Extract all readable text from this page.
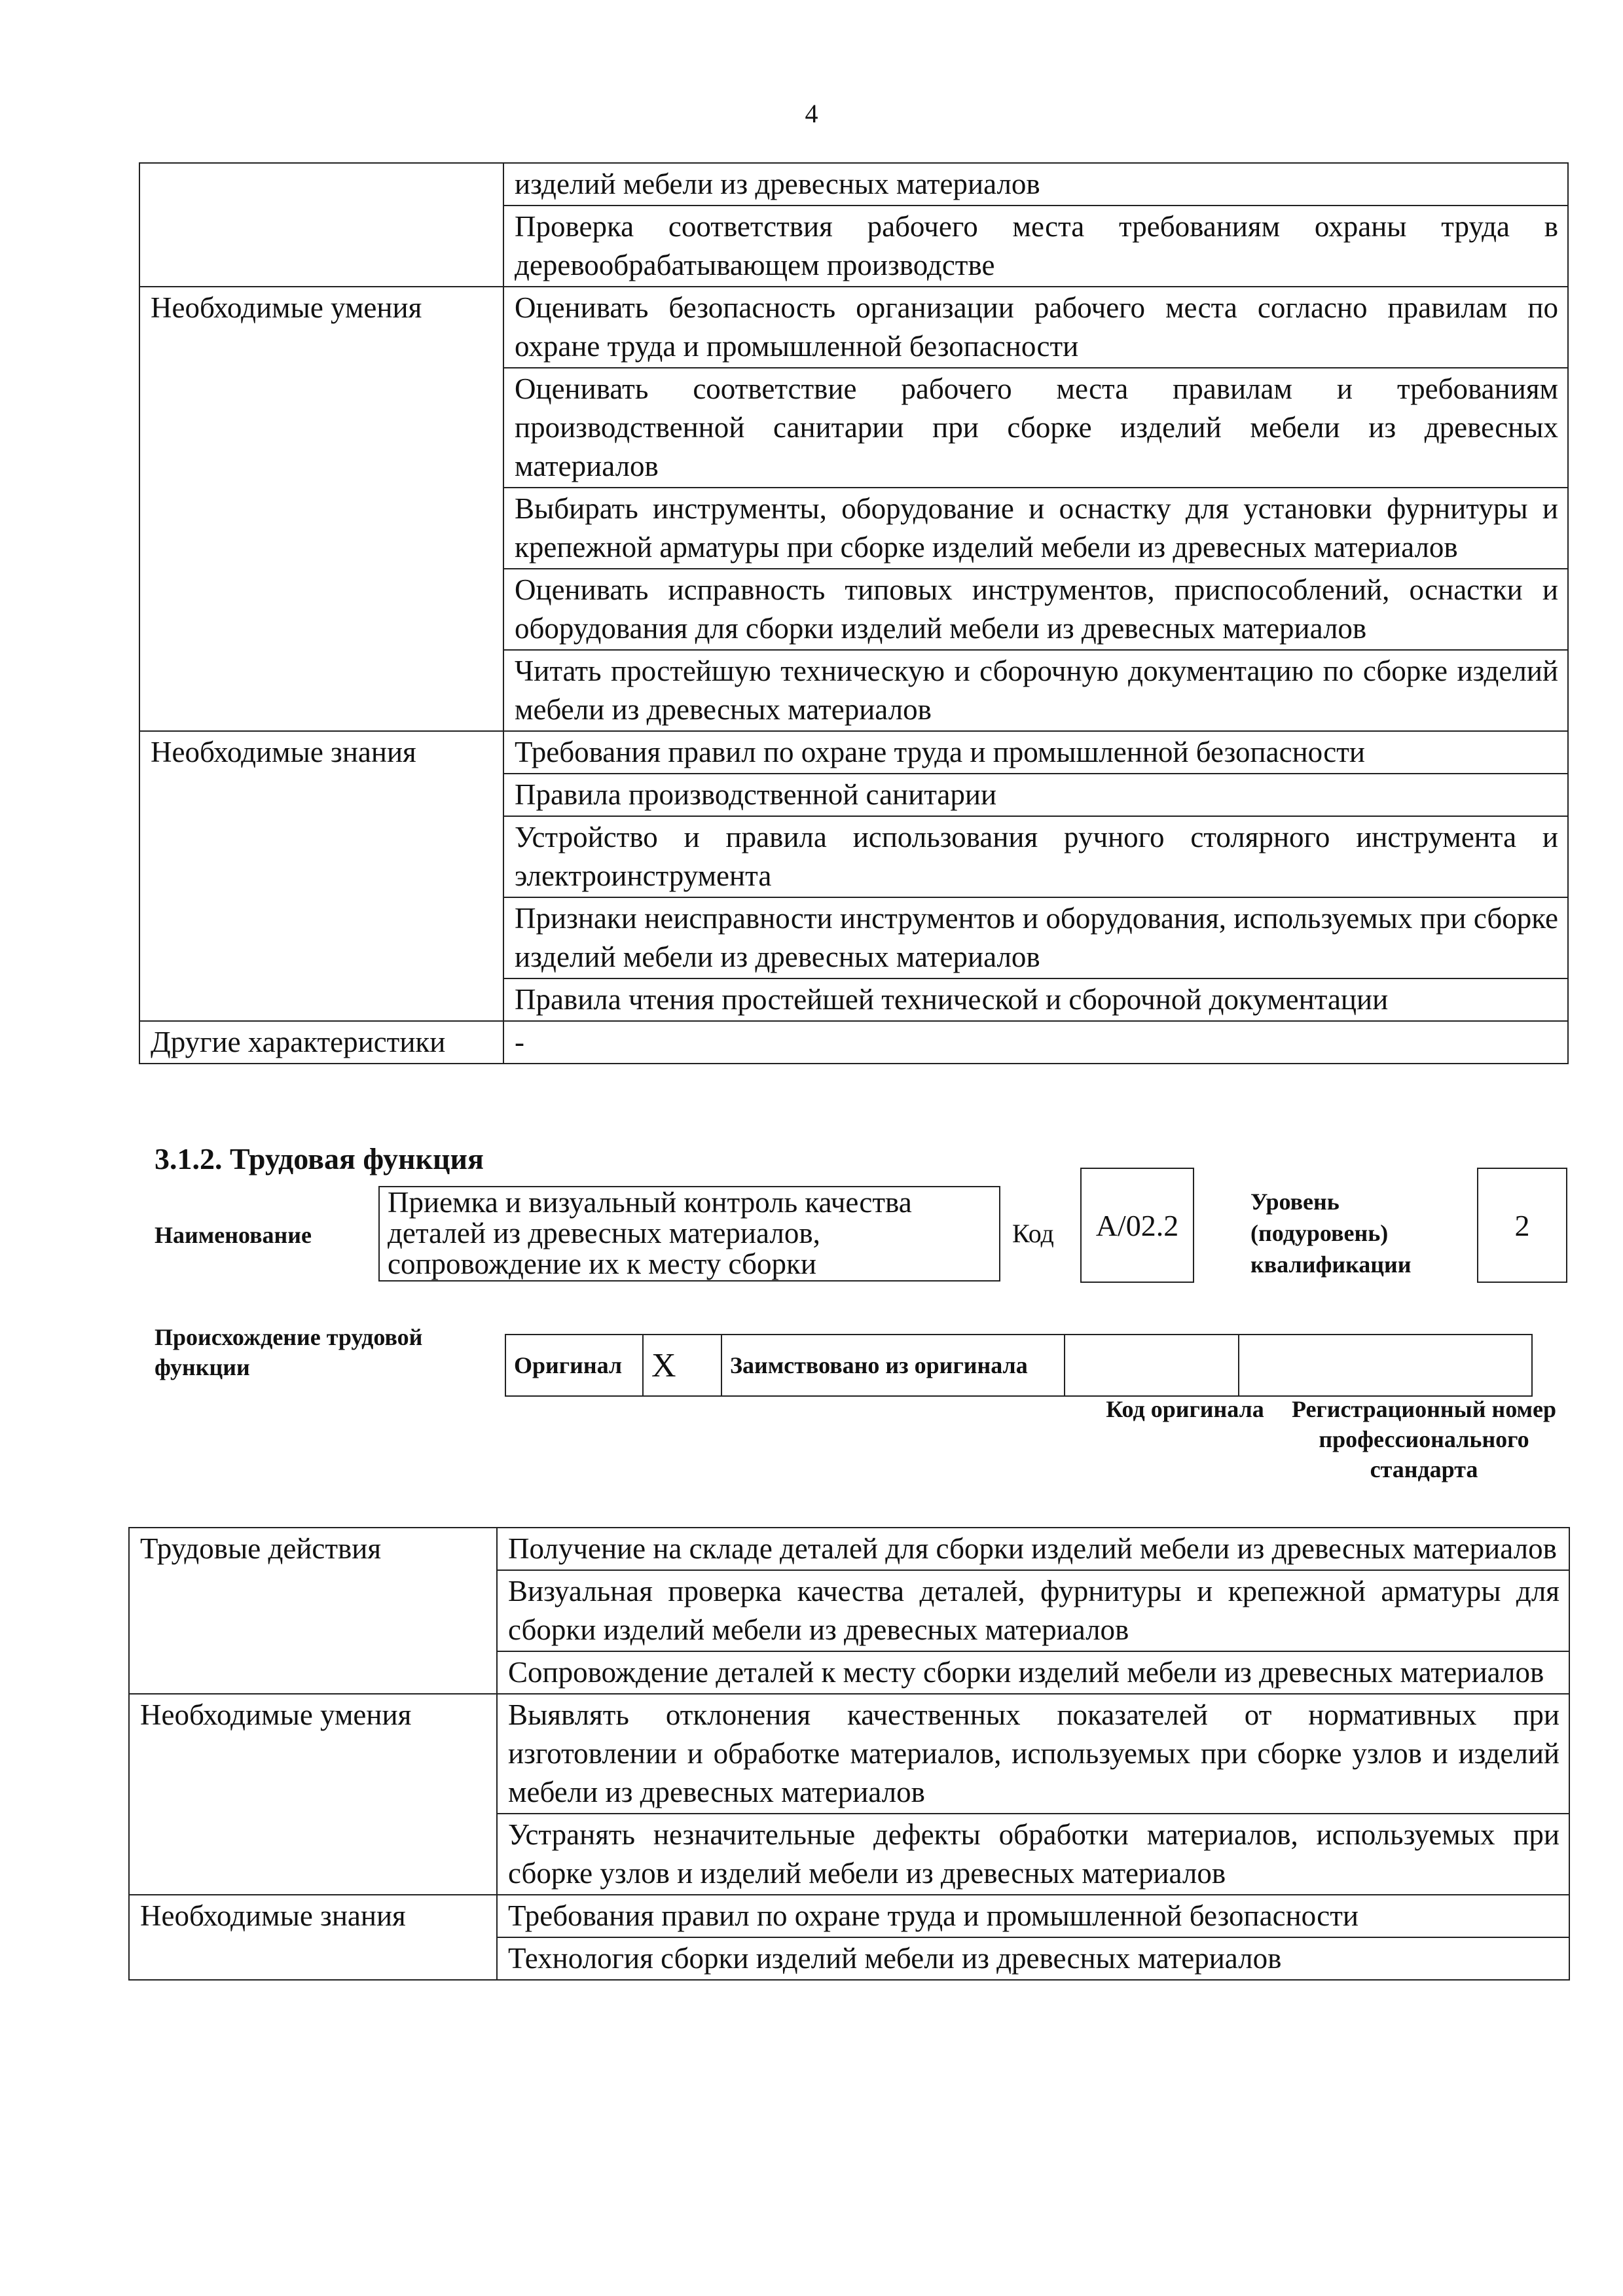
4
	изделий мебели из древесных материалов
	Проверка соответствия рабочего места требованиям охраны труда в деревообрабатывающем производстве
Необходимые умения	Оценивать безопасность организации рабочего места согласно правилам по охране труда и промышленной безопасности
	Оценивать соответствие рабочего места правилам и требованиям производственной санитарии при сборке изделий мебели из древесных материалов
	Выбирать инструменты, оборудование и оснастку для установки фурнитуры и крепежной арматуры при сборке изделий мебели из древесных материалов
	Оценивать исправность типовых инструментов, приспособлений, оснастки и оборудования для сборки изделий мебели из древесных материалов
	Читать простейшую техническую и сборочную документацию по сборке изделий мебели из древесных материалов
Необходимые знания	Требования правил по охране труда и промышленной безопасности
	Правила производственной санитарии
	Устройство и правила использования ручного столярного инструмента и электроинструмента
	Признаки неисправности инструментов и оборудования, используемых при сборке изделий мебели из древесных материалов
	Правила чтения простейшей технической и сборочной документации
Другие характеристики	-
3.1.2. Трудовая функция
Наименование
Приемка и визуальный контроль качества деталей из древесных материалов, сопровождение их к месту сборки
Код	A/02.2
Уровень (подуровень) квалификации
2
Происхождение трудовой функции	Оригинал	X	Заимствовано из оригинала		
Код оригинала	Регистрационный номер профессионального стандарта
Трудовые действия	Получение на складе деталей для сборки изделий мебели из древесных материалов
	Визуальная проверка качества деталей, фурнитуры и крепежной арматуры для сборки изделий мебели из древесных материалов
	Сопровождение деталей к месту сборки изделий мебели из древесных материалов
Необходимые умения	Выявлять отклонения качественных показателей от нормативных при изготовлении и обработке материалов, используемых при сборке узлов и изделий мебели из древесных материалов
	Устранять незначительные дефекты обработки материалов, используемых при сборке узлов и изделий мебели из древесных материалов
Необходимые знания	Требования правил по охране труда и промышленной безопасности
	Технология сборки изделий мебели из древесных материалов
